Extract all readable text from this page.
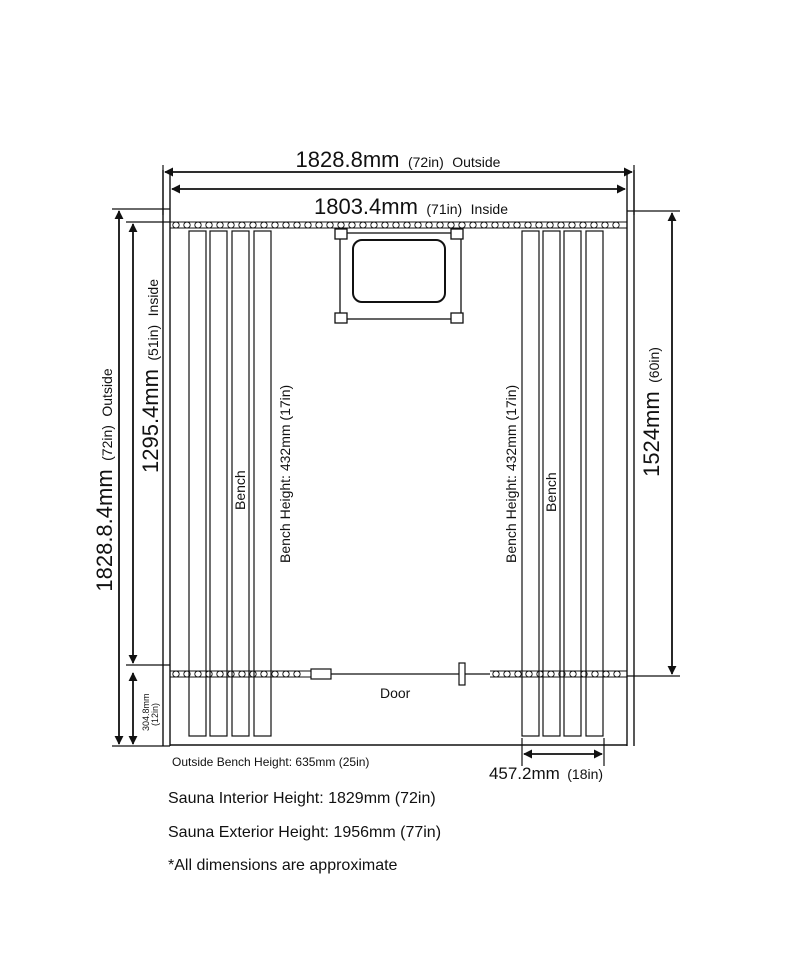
Door
Bench	Bench
Bench Height: 432mm (17in)	Bench Height: 432mm (17in)
1828.8mm (72in) Outside
1803.4mm (71in) Inside
1828.8.4mm (72in) Outside 1295.4mm (51in) Inside
1524mm (60in)
304.8mm (12in)
457.2mm (18in)
Outside Bench Height: 635mm (25in)
Sauna Interior Height: 1829mm (72in)
Sauna Exterior Height: 1956mm (77in)
*All dimensions are approximate
